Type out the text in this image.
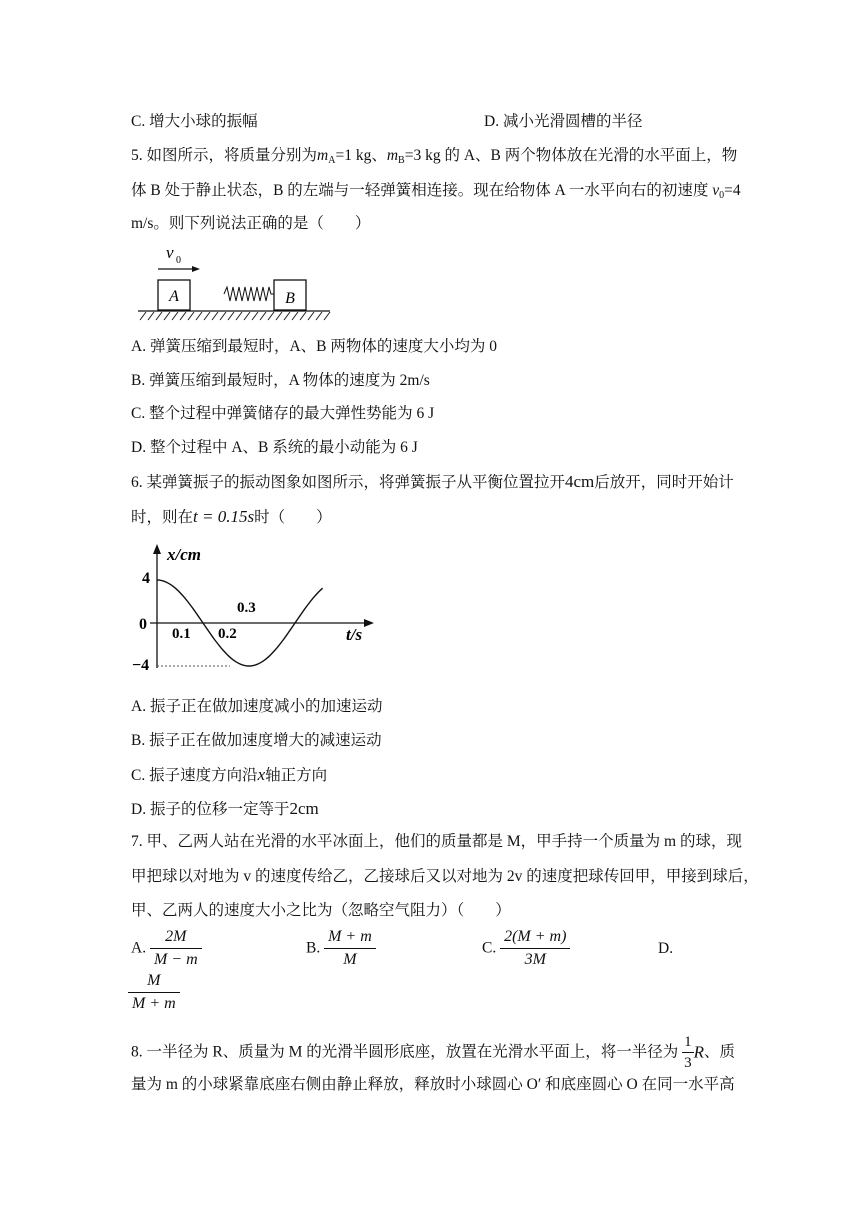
C. 增大小球的振幅	D. 减小光滑圆槽的半径
5. 如图所示，将质量分别为$m_A=1$ kg、$m_B=3$ kg 的 A、B 两个物体放在光滑的水平面上，物
体 B 处于静止状态，B 的左端与一轻弹簧相连接。现在给物体 A 一水平向右的初速度 $v_0=4$
m/s。则下列说法正确的是（　　）
v 0
A	B
A. 弹簧压缩到最短时，A、B 两物体的速度大小均为 0
B. 弹簧压缩到最短时，A 物体的速度为 2m/s
C. 整个过程中弹簧储存的最大弹性势能为 6 J
D. 整个过程中 A、B 系统的最小动能为 6 J
6. 某弹簧振子的振动图象如图所示，将弹簧振子从平衡位置拉开4cm后放开，同时开始计
时，则在t = 0.15s时（　　）
x/cm
t/s
4
0
−4
0.1 0.2
0.3
A. 振子正在做加速度减小的加速运动
B. 振子正在做加速度增大的减速运动
C. 振子速度方向沿x轴正方向
D. 振子的位移一定等于2cm
7. 甲、乙两人站在光滑的水平冰面上，他们的质量都是 M，甲手持一个质量为 m 的球，现
甲把球以对地为 v 的速度传给乙，乙接球后又以对地为 2v 的速度把球传回甲，甲接到球后，
甲、乙两人的速度大小之比为（忽略空气阻力）（　　）
A. $\frac{2M}{M - m}$	B. $\frac{M + m}{M}$	C. $\frac{2(M + m)}{3M}$	D.
$\frac{M}{M + m}$
8. 一半径为 R、质量为 M 的光滑半圆形底座，放置在光滑水平面上，将一半径为 $\frac{1}{3}$ R、质
量为 m 的小球紧靠底座右侧由静止释放，释放时小球圆心 O′ 和底座圆心 O 在同一水平高
